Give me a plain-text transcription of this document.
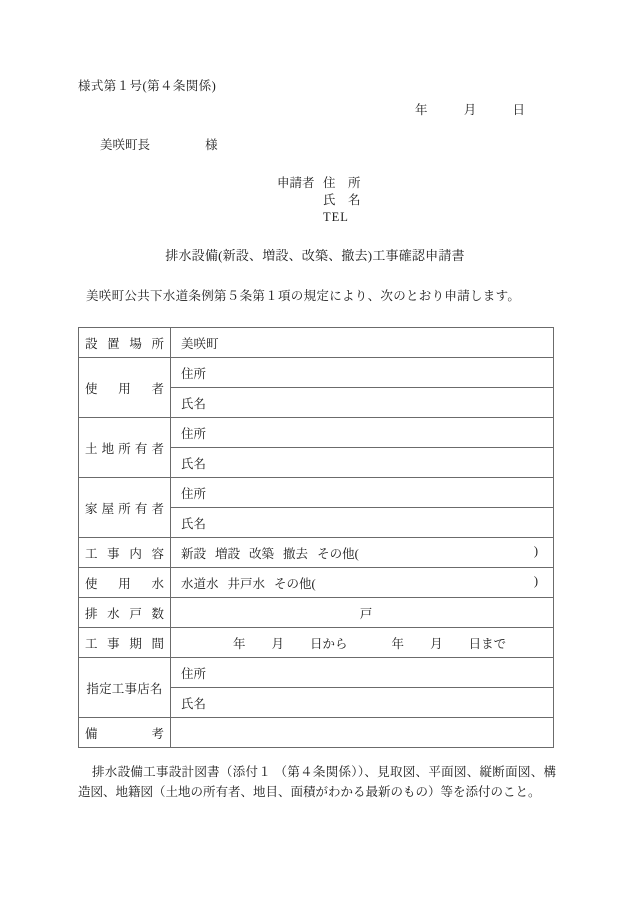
様式第１号(第４条関係)
年	月	日
美咲町長	様
申請者 住　所
氏　名
TEL
排水設備(新設、増設、改築、撤去)工事確認申請書
美咲町公共下水道条例第５条第１項の規定により、次のとおり申請します。
設置場所	美咲町
使用者	住所
	氏名
土地所有者	住所
	氏名
家屋所有者	住所
	氏名
工事内容	新設 増設 改築 撤去 その他( )

使用水	水道水 井戸水 その他( )

排水戸数	戸
工事期間	年 月 日から 年 月 日まで
指定工事店名	住所
	氏名
備考	
排水設備工事設計図書（添付１ （第４条関係））、見取図、平面図、縦断面図、構造図、地籍図（土地の所有者、地目、面積がわかる最新のもの）等を添付のこと。
